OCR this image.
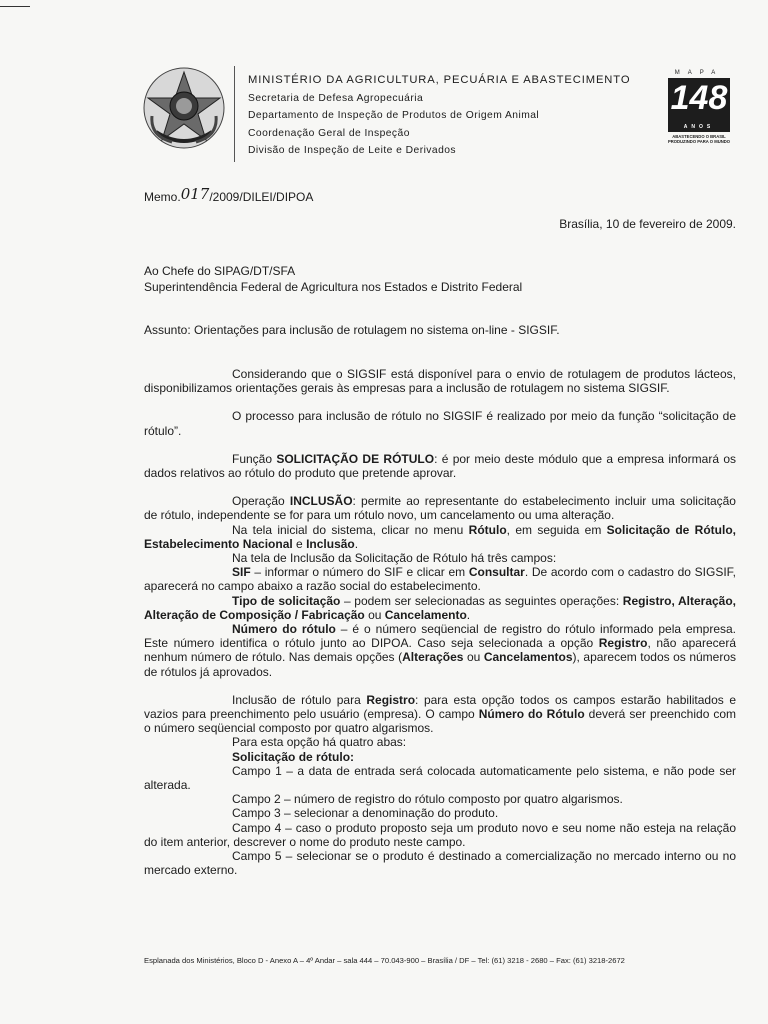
MINISTÉRIO DA AGRICULTURA, PECUÁRIA E ABASTECIMENTO
Secretaria de Defesa Agropecuária
Departamento de Inspeção de Produtos de Origem Animal
Coordenação Geral de Inspeção
Divisão de Inspeção de Leite e Derivados
MAPA
148
ANOS
ABASTECENDO O BRASIL PRODUZINDO PARA O MUNDO
Memo.017/2009/DILEI/DIPOA
Brasília, 10 de fevereiro de 2009.
Ao Chefe do SIPAG/DT/SFA
Superintendência Federal de Agricultura nos Estados e Distrito Federal
Assunto: Orientações para inclusão de rotulagem no sistema on-line - SIGSIF.

Considerando que o SIGSIF está disponível para o envio de rotulagem de produtos lácteos, disponibilizamos orientações gerais às empresas para a inclusão de rotulagem no sistema SIGSIF.

O processo para inclusão de rótulo no SIGSIF é realizado por meio da função “solicitação de rótulo”.

Função SOLICITAÇÃO DE RÓTULO: é por meio deste módulo que a empresa informará os dados relativos ao rótulo do produto que pretende aprovar.

Operação INCLUSÃO: permite ao representante do estabelecimento incluir uma solicitação de rótulo, independente se for para um rótulo novo, um cancelamento ou uma alteração.

Na tela inicial do sistema, clicar no menu Rótulo, em seguida em Solicitação de Rótulo, Estabelecimento Nacional e Inclusão.

Na tela de Inclusão da Solicitação de Rótulo há três campos:

SIF – informar o número do SIF e clicar em Consultar. De acordo com o cadastro do SIGSIF, aparecerá no campo abaixo a razão social do estabelecimento.

Tipo de solicitação – podem ser selecionadas as seguintes operações: Registro, Alteração, Alteração de Composição / Fabricação ou Cancelamento.

Número do rótulo – é o número seqüencial de registro do rótulo informado pela empresa. Este número identifica o rótulo junto ao DIPOA. Caso seja selecionada a opção Registro, não aparecerá nenhum número de rótulo. Nas demais opções (Alterações ou Cancelamentos), aparecem todos os números de rótulos já aprovados.

Inclusão de rótulo para Registro: para esta opção todos os campos estarão habilitados e vazios para preenchimento pelo usuário (empresa). O campo Número do Rótulo deverá ser preenchido com o número seqüencial composto por quatro algarismos.

Para esta opção há quatro abas:

Solicitação de rótulo:

Campo 1 – a data de entrada será colocada automaticamente pelo sistema, e não pode ser alterada.

Campo 2 – número de registro do rótulo composto por quatro algarismos.

Campo 3 – selecionar a denominação do produto.

Campo 4 – caso o produto proposto seja um produto novo e seu nome não esteja na relação do item anterior, descrever o nome do produto neste campo.

Campo 5 – selecionar se o produto é destinado a comercialização no mercado interno ou no mercado externo.

Esplanada dos Ministérios, Bloco D - Anexo A – 4º Andar – sala 444 – 70.043-900 – Brasília / DF – Tel: (61) 3218 - 2680 – Fax: (61) 3218-2672
